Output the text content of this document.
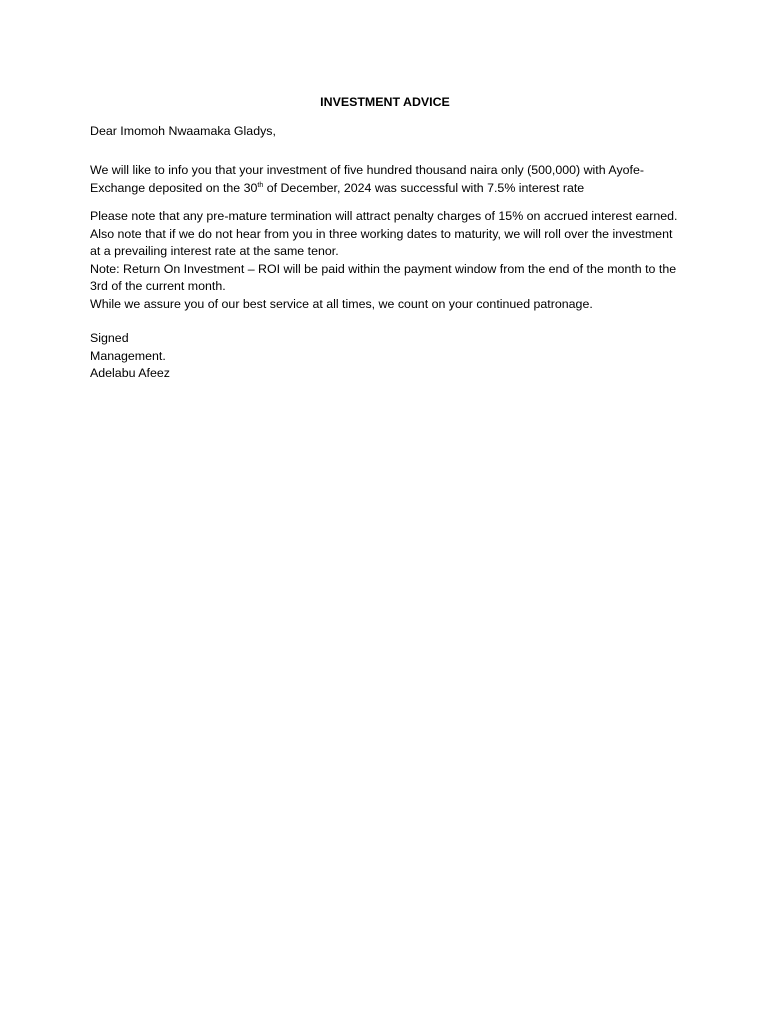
INVESTMENT ADVICE

Dear Imomoh Nwaamaka Gladys,

We will like to info you that your investment of five hundred thousand naira only (500,000) with Ayofe-Exchange deposited on the 30th of December, 2024 was successful with 7.5% interest rate

Please note that any pre-mature termination will attract penalty charges of 15% on accrued interest earned. Also note that if we do not hear from you in three working dates to maturity, we will roll over the investment at a prevailing interest rate at the same tenor.

Note: Return On Investment – ROI will be paid within the payment window from the end of the month to the 3rd of the current month.

While we assure you of our best service at all times, we count on your continued patronage.

Signed

Management.

Adelabu Afeez
